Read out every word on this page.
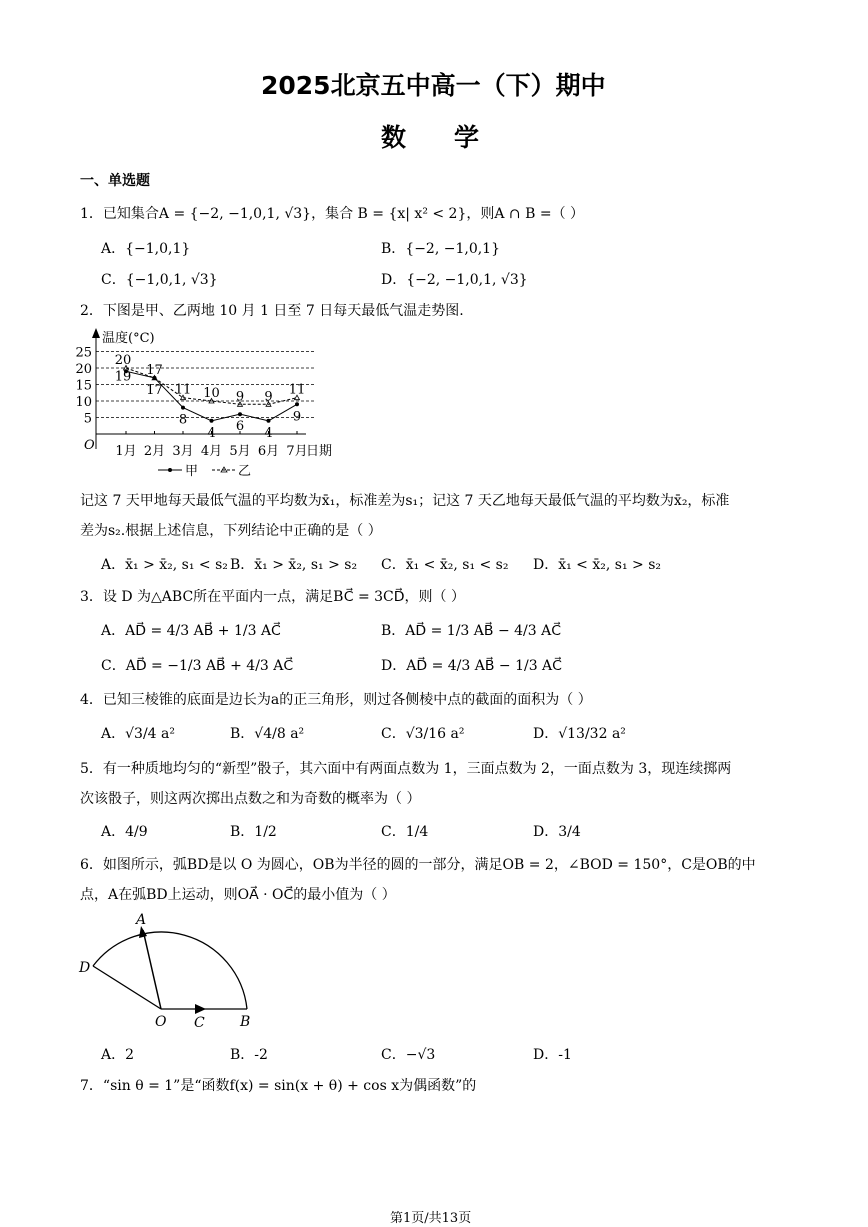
2025北京五中高一（下）期中
数学
一、单选题
1．已知集合A = {−2, −1,0,1, √3}，集合 B = {x| x² < 2}，则A ∩ B =（ ）
A．{−1,0,1}	B．{−2, −1,0,1}
C．{−1,0,1, √3}	D．{−2, −1,0,1, √3}
2．下图是甲、乙两地 10 月 1 日至 7 日每天最低气温走势图.
温度(°C)
日期
O
5
10
15
20
25
1月 2月 3月 4月 5月 6月 7月
19
17
8
4 6 4
9
20
17
11 10 9 9 11
甲	乙
记这 7 天甲地每天最低气温的平均数为x̄₁，标准差为s₁；记这 7 天乙地每天最低气温的平均数为x̄₂，标准
差为s₂.根据上述信息，下列结论中正确的是（ ）
A．x̄₁ > x̄₂, s₁ < s₂ B．x̄₁ > x̄₂, s₁ > s₂ C．x̄₁ < x̄₂, s₁ < s₂ D．x̄₁ < x̄₂, s₁ > s₂
3．设 D 为△ABC所在平面内一点，满足BC⃗ = 3CD⃗，则（ ）
A．AD⃗ = 4/3 AB⃗ + 1/3 AC⃗	B．AD⃗ = 1/3 AB⃗ − 4/3 AC⃗
C．AD⃗ = −1/3 AB⃗ + 4/3 AC⃗	D．AD⃗ = 4/3 AB⃗ − 1/3 AC⃗
4．已知三棱锥的底面是边长为a的正三角形，则过各侧棱中点的截面的面积为（ ）
A．√3/4 a²	B．√4/8 a²	C．√3/16 a²	D．√13/32 a²
5．有一种质地均匀的“新型”骰子，其六面中有两面点数为 1，三面点数为 2，一面点数为 3，现连续掷两
次该骰子，则这两次掷出点数之和为奇数的概率为（ ）
A．4/9	B．1/2	C．1/4	D．3/4
6．如图所示，弧BD是以 O 为圆心，OB为半径的圆的一部分，满足OB = 2，∠BOD = 150°，C是OB的中
点，A在弧BD上运动，则OA⃗ · OC⃗的最小值为（ ）
A
D
O C	B
A．2	B．-2	C．−√3	D．-1
7．“sin θ = 1”是“函数f(x) = sin(x + θ) + cos x为偶函数”的
第1页/共13页
